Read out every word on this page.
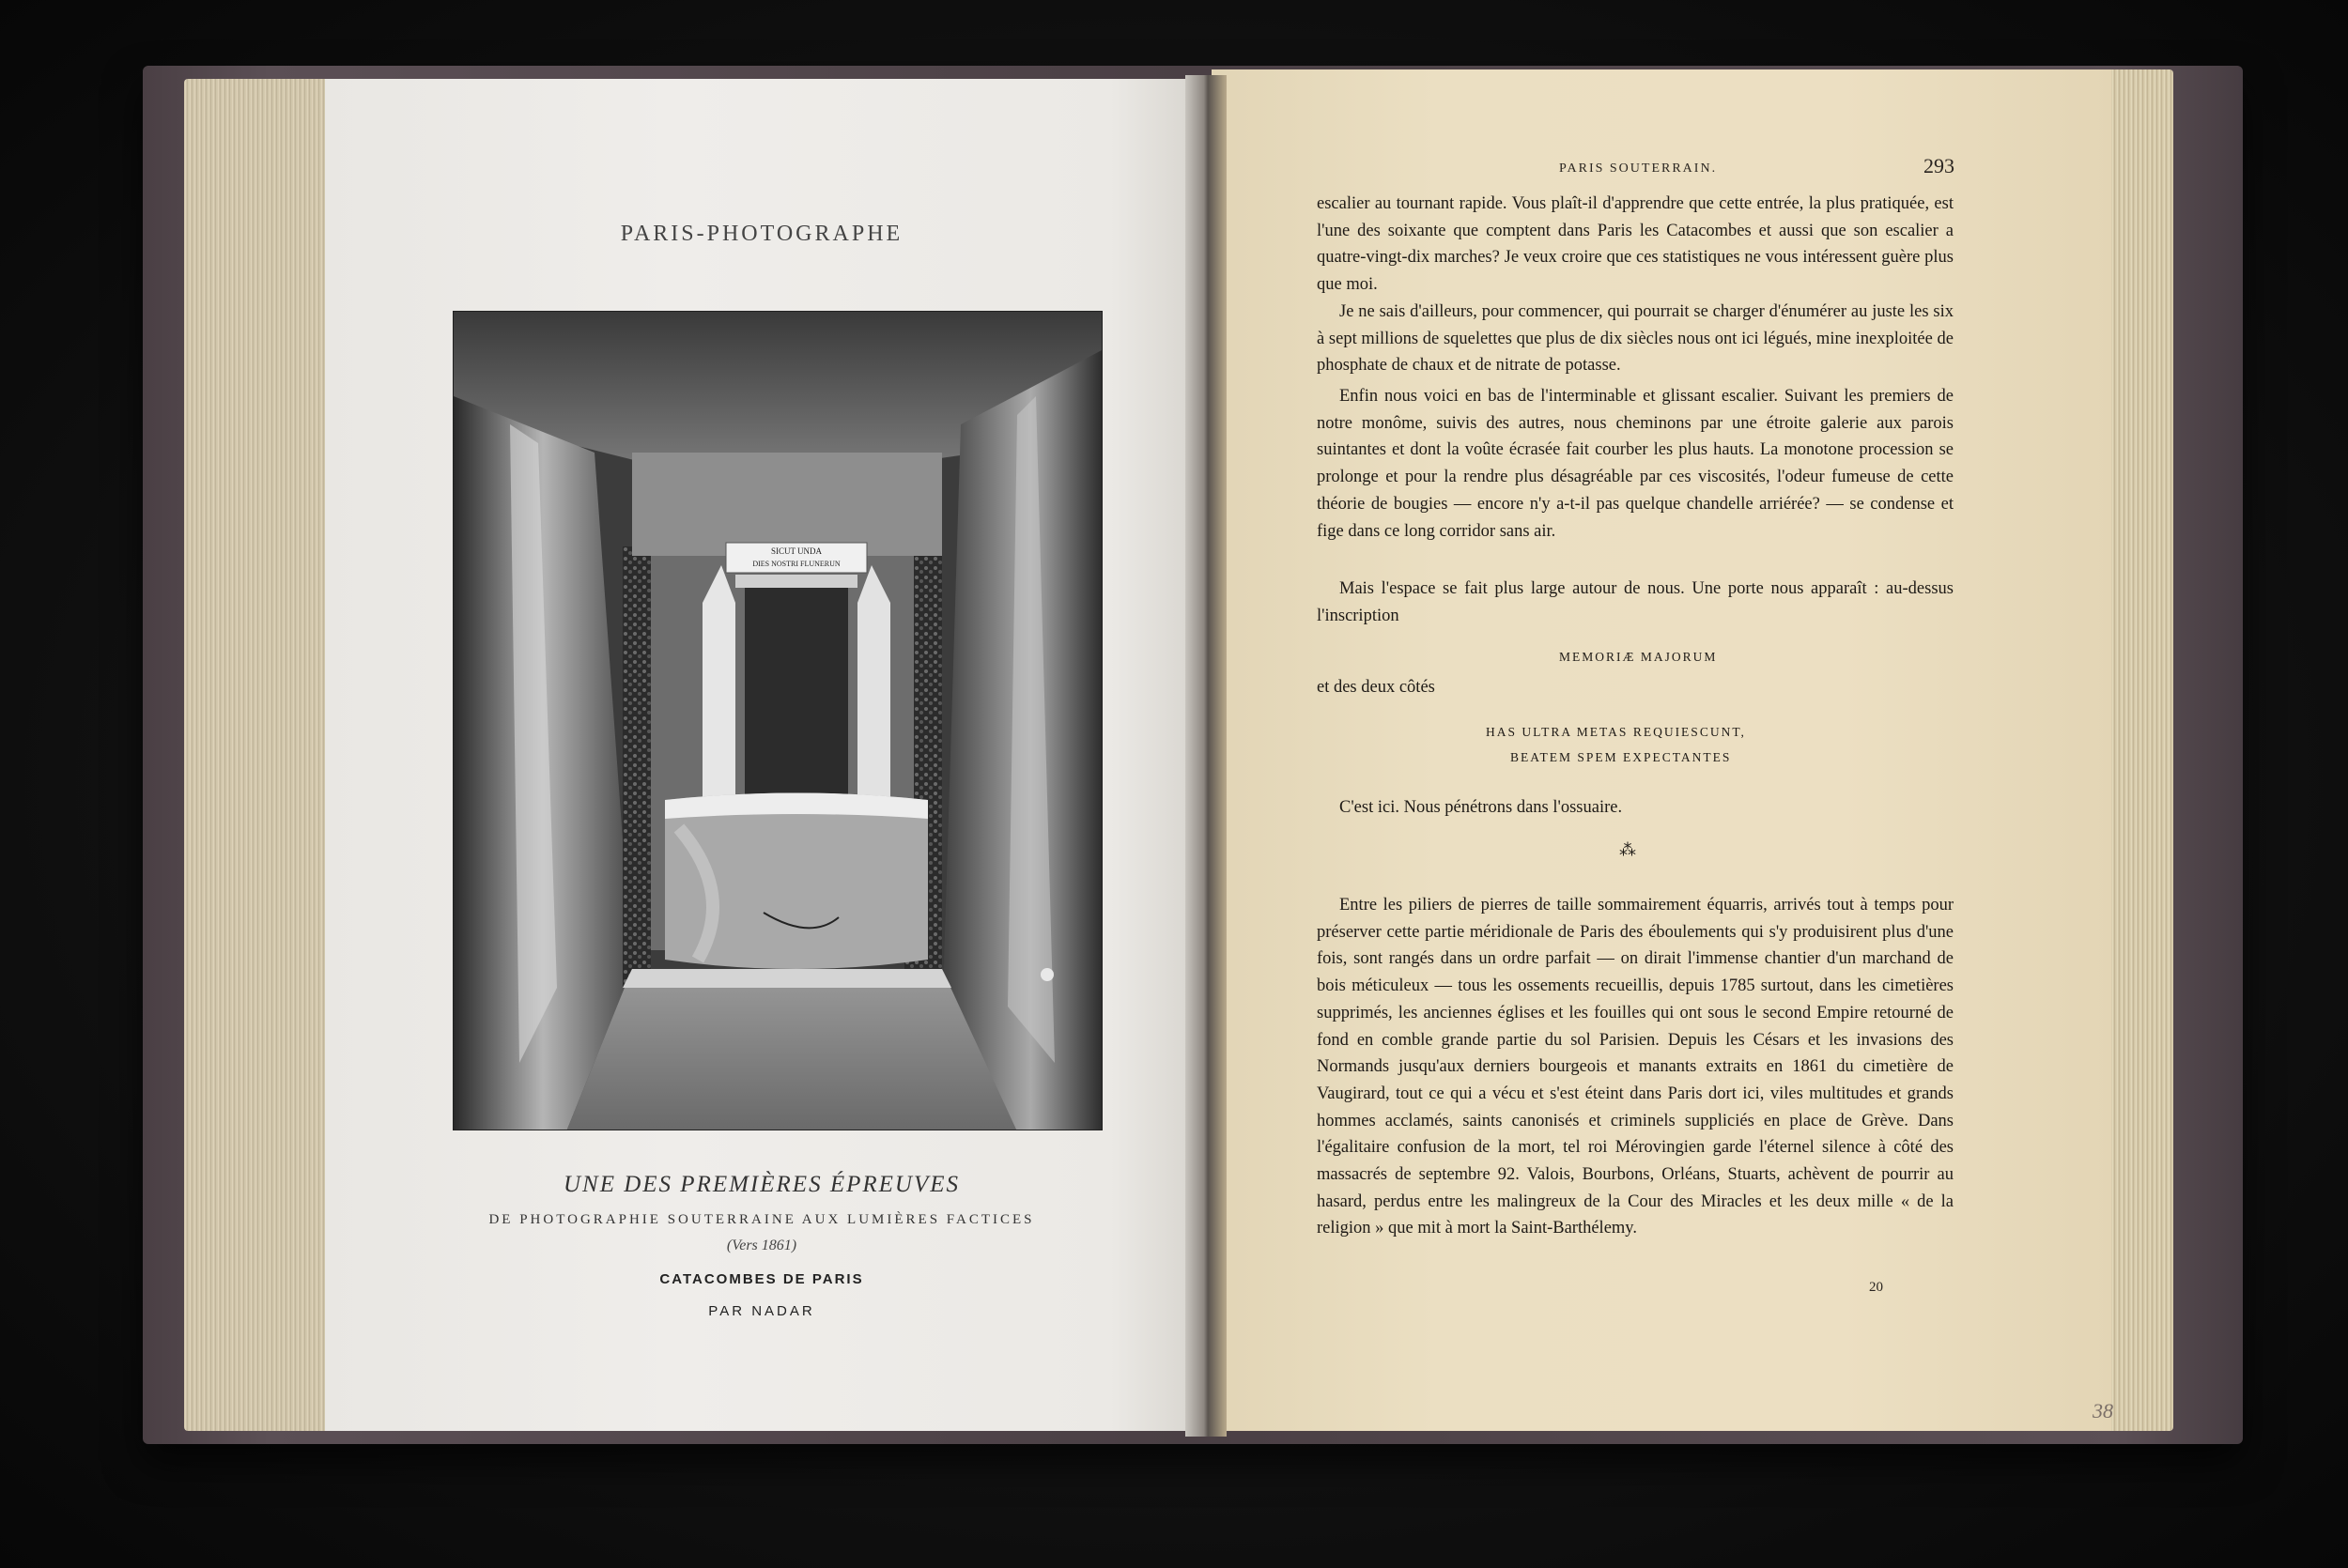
PARIS-PHOTOGRAPHE
SICUT UNDA
DIES NOSTRI FLUNERUN
UNE DES PREMIÈRES ÉPREUVES
DE PHOTOGRAPHIE SOUTERRAINE AUX LUMIÈRES FACTICES
(Vers 1861)
CATACOMBES DE PARIS
PAR NADAR
PARIS SOUTERRAIN.	293

escalier au tournant rapide. Vous plaît-il d'apprendre que cette entrée, la plus pratiquée, est l'une des soixante que comptent dans Paris les Catacombes et aussi que son escalier a quatre-vingt-dix marches? Je veux croire que ces statistiques ne vous intéressent guère plus que moi.

Je ne sais d'ailleurs, pour commencer, qui pourrait se charger d'énumérer au juste les six à sept millions de squelettes que plus de dix siècles nous ont ici légués, mine inexploitée de phosphate de chaux et de nitrate de potasse.

Enfin nous voici en bas de l'interminable et glissant escalier. Suivant les premiers de notre monôme, suivis des autres, nous cheminons par une étroite galerie aux parois suintantes et dont la voûte écrasée fait courber les plus hauts. La monotone procession se prolonge et pour la rendre plus désagréable par ces viscosités, l'odeur fumeuse de cette théorie de bougies — encore n'y a-t-il pas quelque chandelle arriérée? — se condense et fige dans ce long corridor sans air.

Mais l'espace se fait plus large autour de nous. Une porte nous apparaît : au-dessus l'inscription

MEMORIÆ MAJORUM

et des deux côtés

HAS ULTRA METAS REQUIESCUNT,
BEATEM SPEM EXPECTANTES

C'est ici. Nous pénétrons dans l'ossuaire.

⁂

Entre les piliers de pierres de taille sommairement équarris, arrivés tout à temps pour préserver cette partie méridionale de Paris des éboulements qui s'y produisirent plus d'une fois, sont rangés dans un ordre parfait — on dirait l'immense chantier d'un marchand de bois méticuleux — tous les ossements recueillis, depuis 1785 surtout, dans les cimetières supprimés, les anciennes églises et les fouilles qui ont sous le second Empire retourné de fond en comble grande partie du sol Parisien. Depuis les Césars et les invasions des Normands jusqu'aux derniers bourgeois et manants extraits en 1861 du cimetière de Vaugirard, tout ce qui a vécu et s'est éteint dans Paris dort ici, viles multitudes et grands hommes acclamés, saints canonisés et criminels suppliciés en place de Grève. Dans l'égalitaire confusion de la mort, tel roi Mérovingien garde l'éternel silence à côté des massacrés de septembre 92. Valois, Bourbons, Orléans, Stuarts, achèvent de pourrir au hasard, perdus entre les malingreux de la Cour des Miracles et les deux mille « de la religion » que mit à mort la Saint-Barthélemy.

20
38
